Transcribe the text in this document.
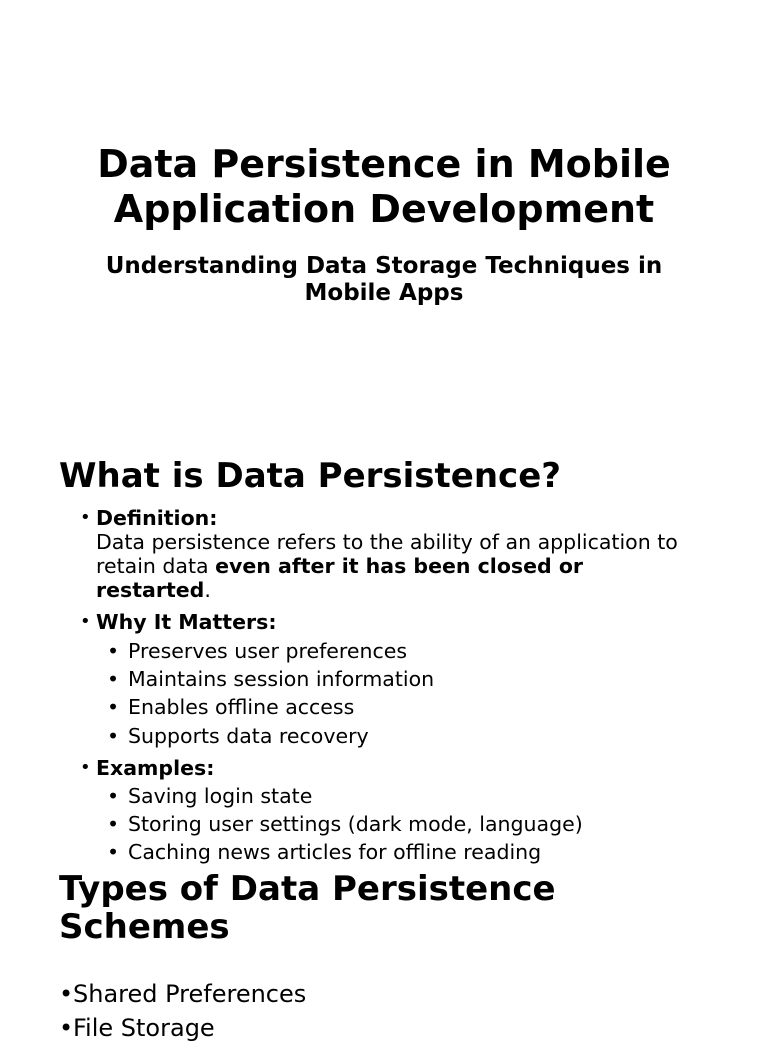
Data Persistence in Mobile Application Development
Understanding Data Storage Techniques in Mobile Apps
What is Data Persistence?
• Definition:
Data persistence refers to the ability of an application to retain data even after it has been closed or restarted.
• Why It Matters:
• Preserves user preferences
• Maintains session information
• Enables offline access
• Supports data recovery
• Examples:
• Saving login state
• Storing user settings (dark mode, language)
• Caching news articles for offline reading
Types of Data Persistence Schemes
• Shared Preferences
• File Storage
